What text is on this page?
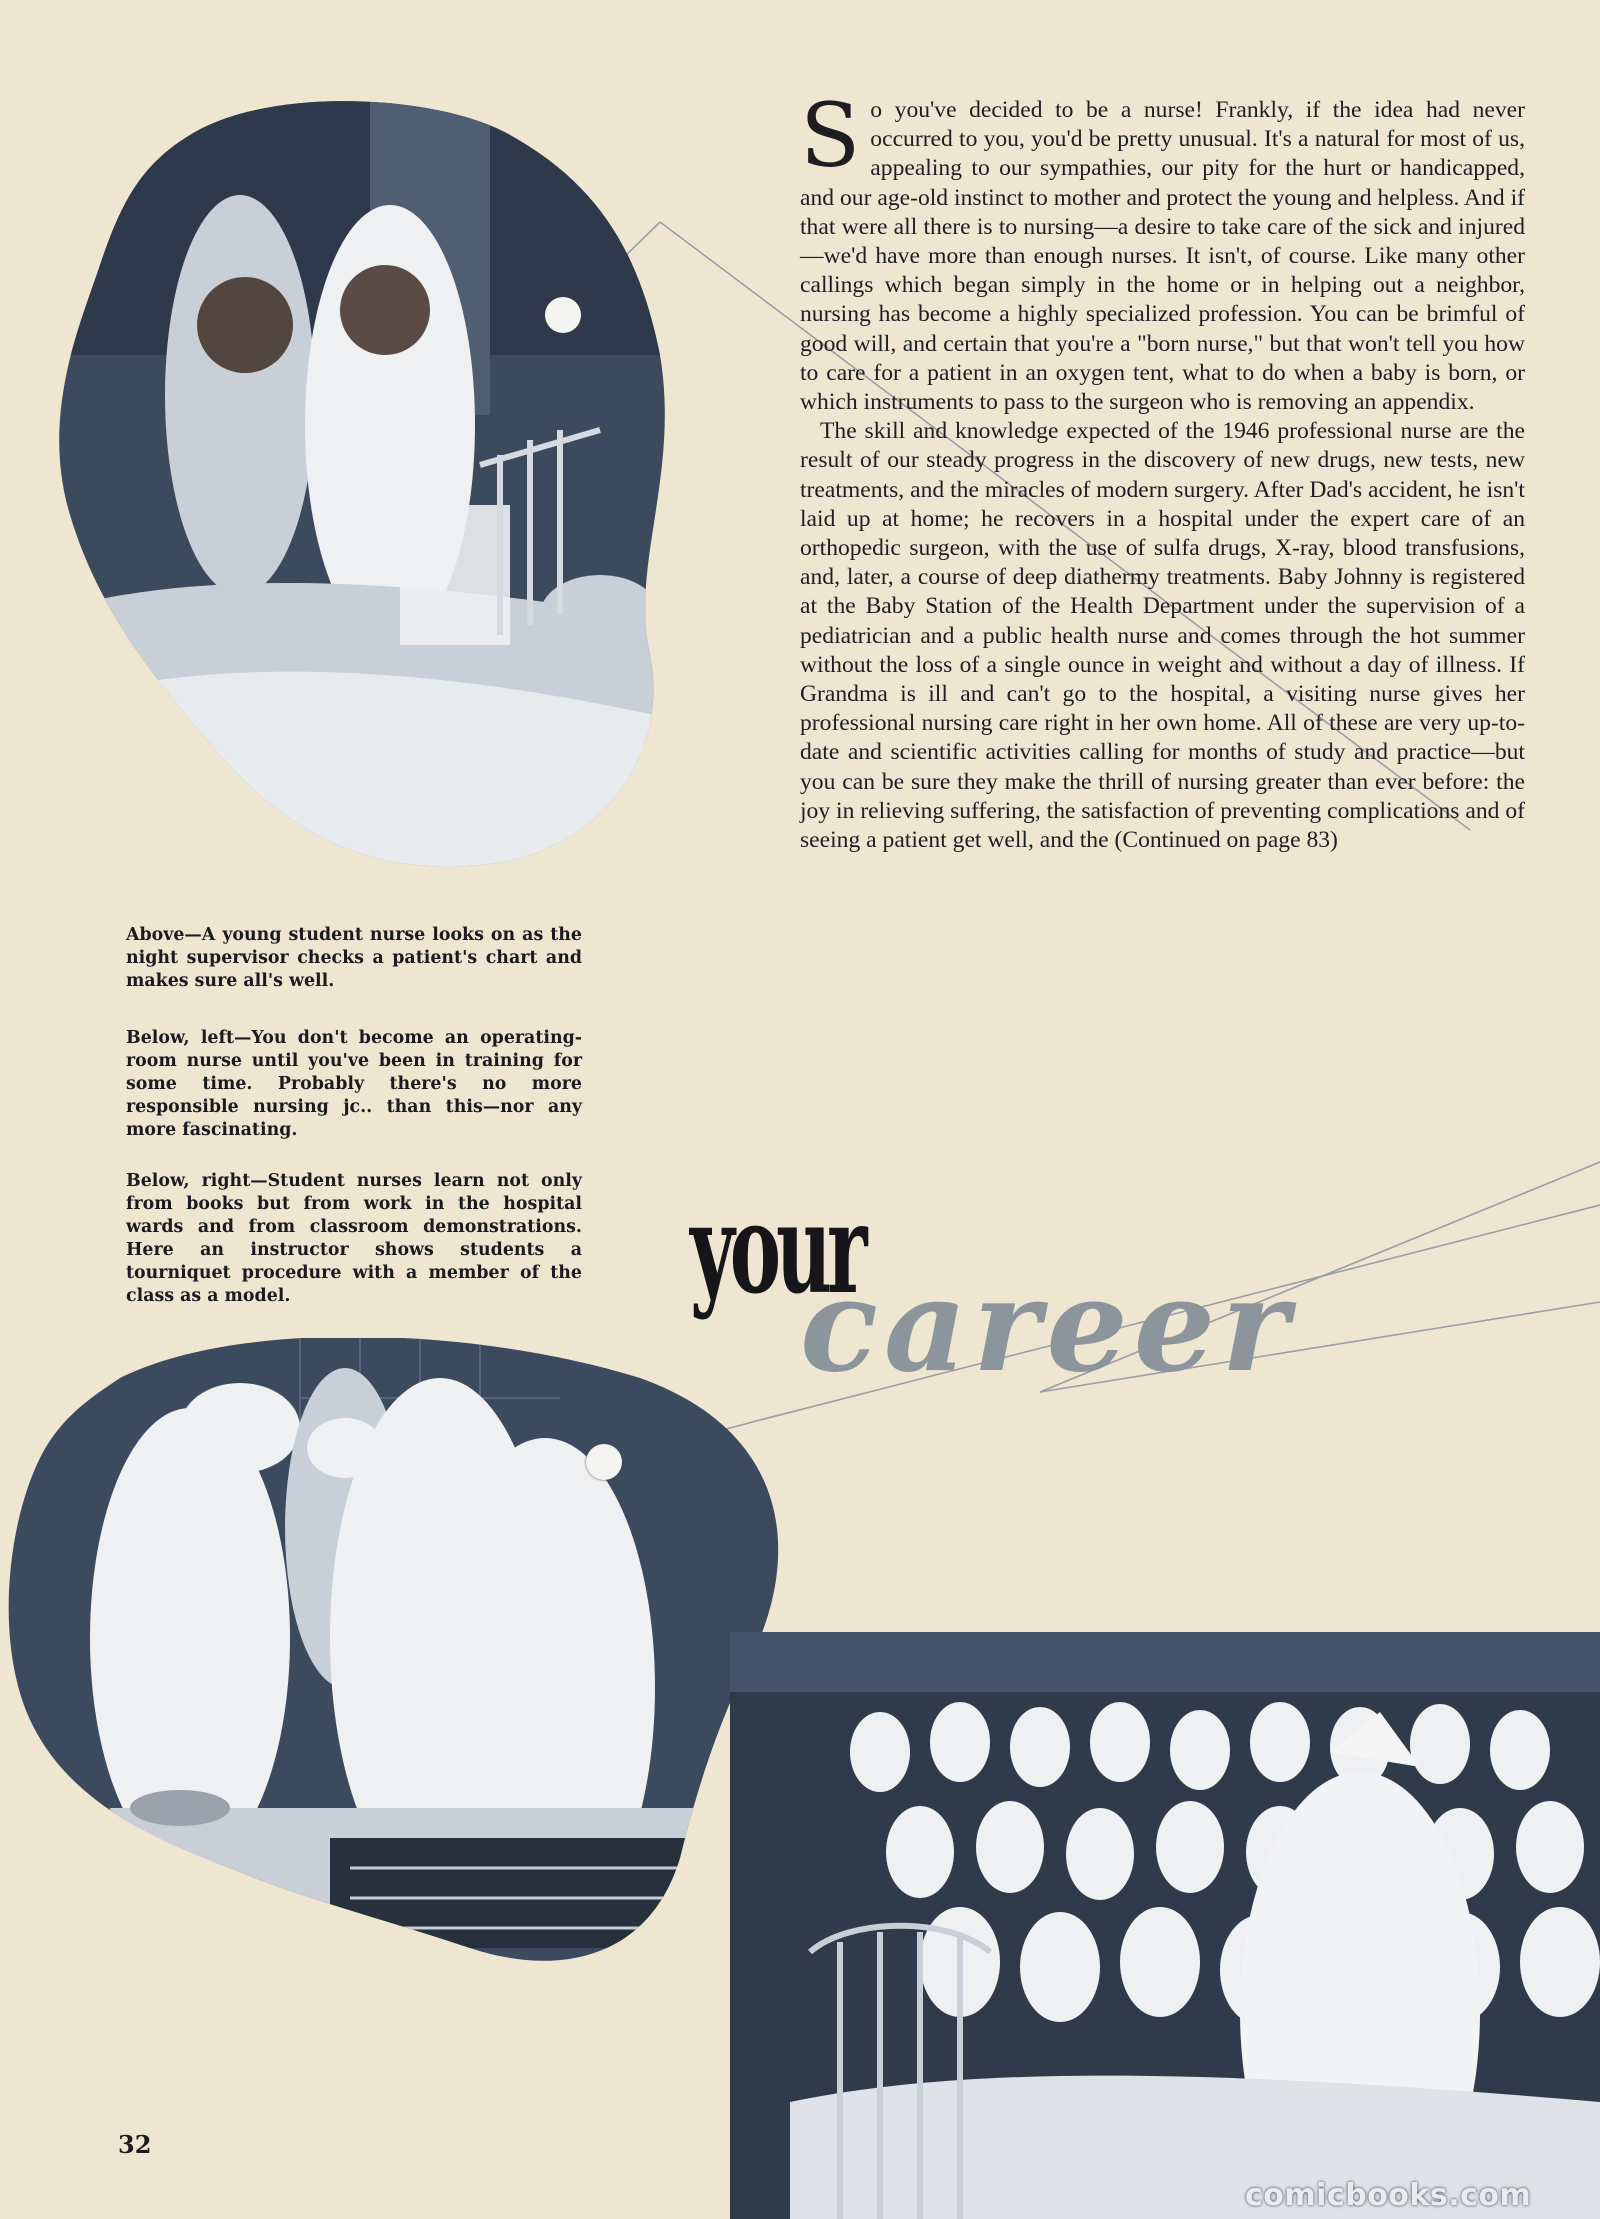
Above—A young student nurse looks on as the night supervisor checks a patient's chart and makes sure all's well.
Below, left—You don't become an operating-room nurse until you've been in training for some time. Probably there's no more responsible nursing jc.. than this—nor any more fascinating.
Below, right—Student nurses learn not only from books but from work in the hospital wards and from classroom demonstrations. Here an instructor shows students a tourniquet procedure with a member of the class as a model.

So you've decided to be a nurse! Frankly, if the idea had never occurred to you, you'd be pretty unusual. It's a natural for most of us, appealing to our sympathies, our pity for the hurt or handicapped, and our age-old instinct to mother and protect the young and helpless. And if that were all there is to nursing—a desire to take care of the sick and injured—we'd have more than enough nurses. It isn't, of course. Like many other callings which began simply in the home or in helping out a neighbor, nursing has become a highly specialized profession. You can be brimful of good will, and certain that you're a "born nurse," but that won't tell you how to care for a patient in an oxygen tent, what to do when a baby is born, or which instruments to pass to the surgeon who is removing an appendix.

The skill and knowledge expected of the 1946 professional nurse are the result of our steady progress in the discovery of new drugs, new tests, new treatments, and the miracles of modern surgery. After Dad's accident, he isn't laid up at home; he recovers in a hospital under the expert care of an orthopedic surgeon, with the use of sulfa drugs, X-ray, blood transfusions, and, later, a course of deep diathermy treatments. Baby Johnny is registered at the Baby Station of the Health Department under the supervision of a pediatrician and a public health nurse and comes through the hot summer without the loss of a single ounce in weight and without a day of illness. If Grandma is ill and can't go to the hospital, a visiting nurse gives her professional nursing care right in her own home. All of these are very up-to-date and scientific activities calling for months of study and practice—but you can be sure they make the thrill of nursing greater than ever before: the joy in relieving suffering, the satisfaction of preventing complications and of seeing a patient get well, and the (Continued on page 83)

your
career
32
comicbooks.com
